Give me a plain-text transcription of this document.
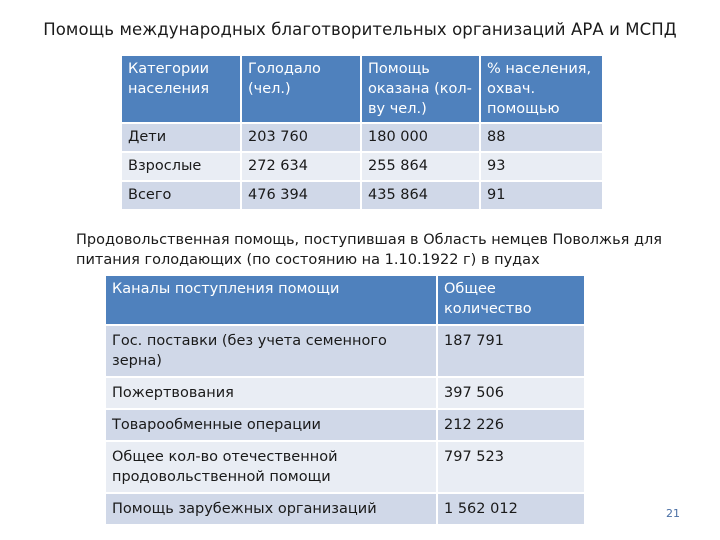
Помощь международных благотворительных организаций АРА и МСПД
Категории населения	Голодало (чел.)	Помощь оказана (кол-ву чел.)	% населения, охвач. помощью
Дети	203 760	180 000	88
Взрослые	272 634	255 864	93
Всего	476 394	435 864	91
Продовольственная помощь, поступившая в Область немцев Поволжья для питания голодающих (по состоянию на 1.10.1922 г) в пудах
Каналы поступления помощи	Общее количество
Гос. поставки (без учета семенного зерна)	187 791
Пожертвования	397 506
Товарообменные операции	212 226
Общее кол-во отечественной продовольственной помощи	797 523
Помощь зарубежных организаций	1 562 012	21
